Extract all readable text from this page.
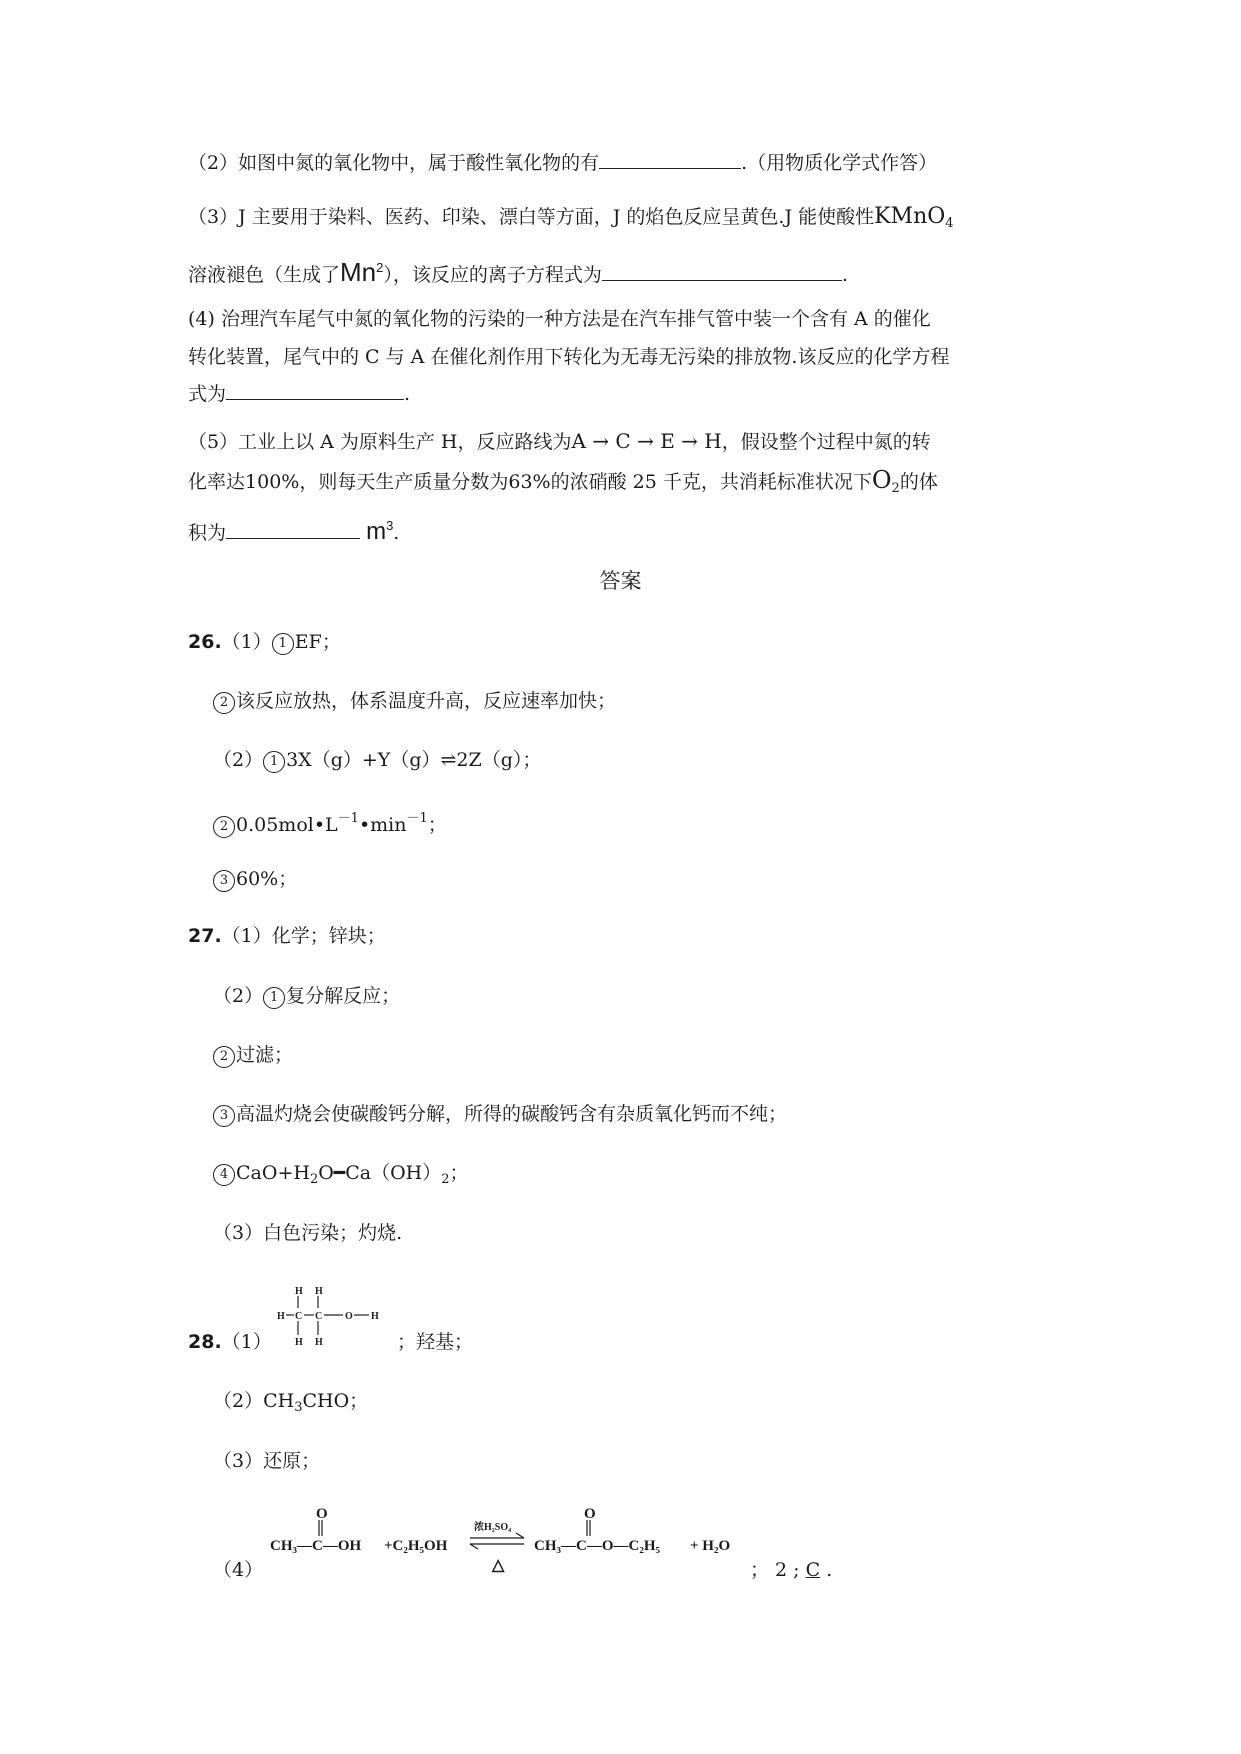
（2）如图中氮的氧化物中，属于酸性氧化物的有	.（用物质化学式作答）
（3）J 主要用于染料、医药、印染、漂白等方面，J 的焰色反应呈黄色.J 能使酸性KMnO$_4$
溶液褪色（生成了Mn$^2$），该反应的离子方程式为	.
(4) 治理汽车尾气中氮的氧化物的污染的一种方法是在汽车排气管中装一个含有 A 的催化
转化装置，尾气中的 C 与 A 在催化剂作用下转化为无毒无污染的排放物.该反应的化学方程
式为	.
（5）工业上以 A 为原料生产 H，反应路线为A → C → E → H，假设整个过程中氮的转
化率达100%，则每天生产质量分数为63%的浓硝酸 25 千克，共消耗标准状况下$O_2$的体
积为	$m^3$.
答案
26.（1） 1 EF；
2 该反应放热，体系温度升高，反应速率加快；
（2） 1 3X（g）+Y（g）⇌2Z（g）；
2 $0.05mol•L^{-1}•\min^{-1}$；
3 60%；
27.（1）化学；锌块；
（2） 1 复分解反应；
2 过滤；
3 高温灼烧会使碳酸钙分解，所得的碳酸钙含有杂质氧化钙而不纯；
4 $CaO+H_2O━Ca(OH)_2$；
（3）白色污染；灼烧.
28.（1）
H H
H C C O H
H H	；羟基；
$(2)CH_3CHO$；
（3）还原；
（4）
O
CH₃—C—OH +C₂H₅OH
浓H₂SO₄
△
O
CH₃—C—O—C₂H₅ + H₂O
； 2 ; C .
